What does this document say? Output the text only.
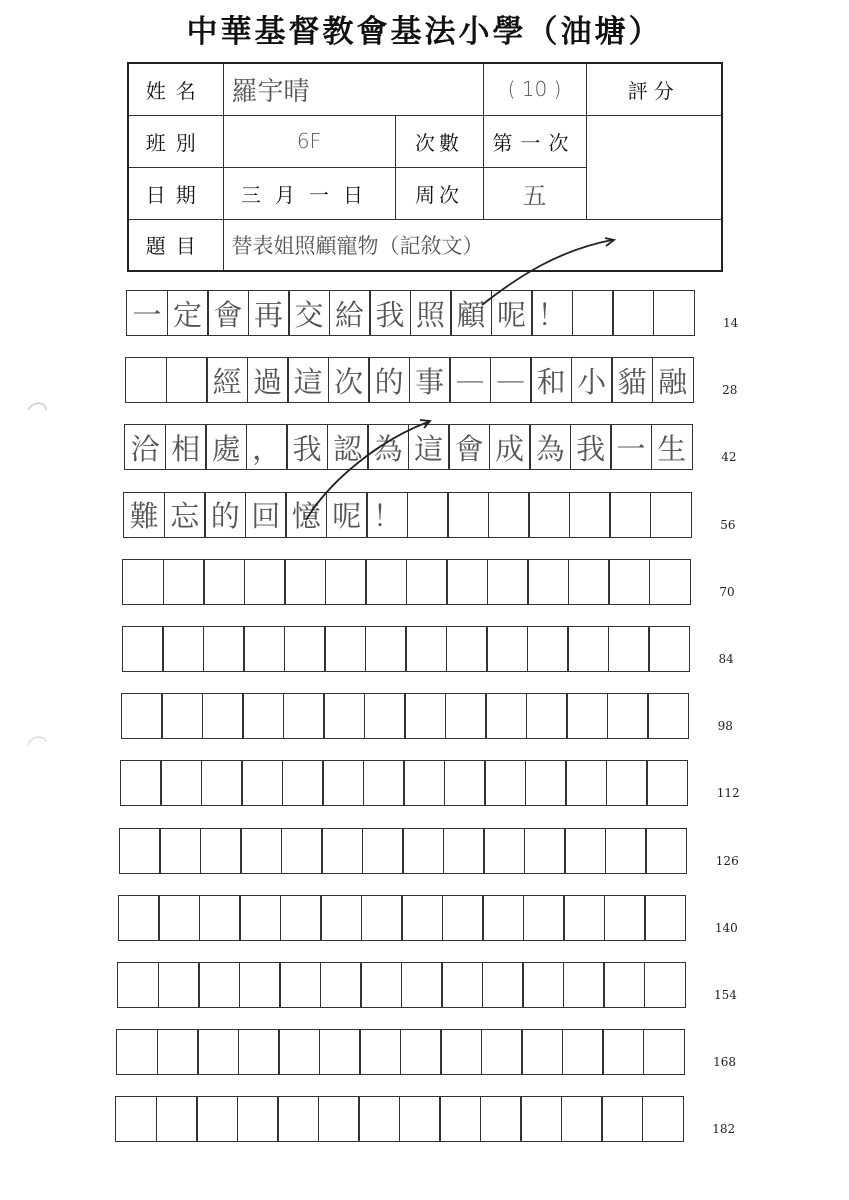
中華基督教會基法小學（油塘）
姓名	羅宇晴		( 10 )	評分
班別	6F	次數	第一次	
日期	三月一日	周次	五	
題目	替表姐照顧寵物（記敘文）			
一 定 會 再 交 給 我 照 顧 呢 ！	14
經 過 這 次 的 事 — — 和 小 貓 融	28
洽 相 處 ， 我 認 為 這 會 成 為 我 一 生	42
難 忘 的 回 憶 呢 ！	56
70
84
98
112
126
140
154
168
182
